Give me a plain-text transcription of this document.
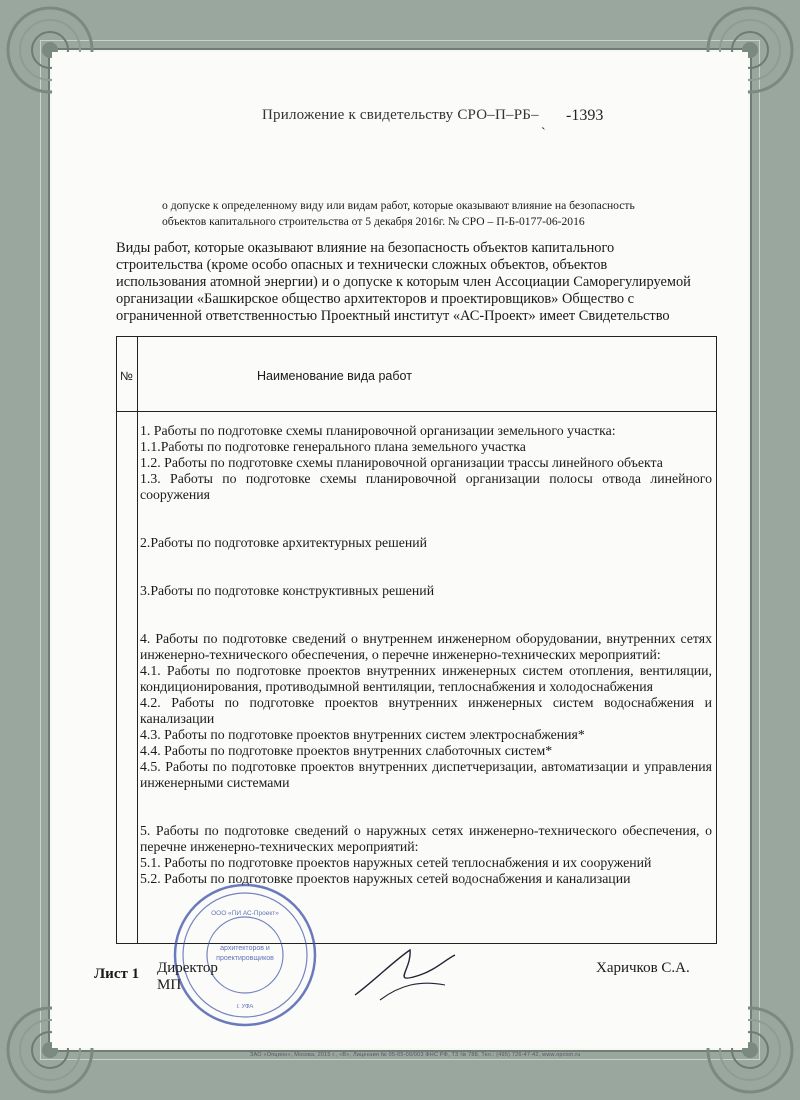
Приложение к свидетельству СРО–П–РБ– -1393
`
о допуске к определенному виду или видам работ, которые оказывают влияние на безопасность
объектов капитального строительства от 5 декабря 2016г. № СРО – П-Б-0177-06-2016
Виды работ, которые оказывают влияние на безопасность объектов капитального
строительства (кроме особо опасных и технически сложных объектов, объектов
использования атомной энергии) и о допуске к которым член Ассоциации Саморегулируемой
организации «Башкирское общество архитекторов и проектировщиков» Общество с
ограниченной ответственностью Проектный институт «АС-Проект» имеет Свидетельство
№	Наименование вида работ

1. Работы по подготовке схемы планировочной организации земельного участка:

1.1.Работы по подготовке генерального плана земельного участка

1.2. Работы по подготовке схемы планировочной организации трассы линейного объекта

1.3. Работы по подготовке схемы планировочной организации полосы отвода линейного сооружения

2.Работы по подготовке архитектурных решений

3.Работы по подготовке конструктивных решений

4. Работы по подготовке сведений о внутреннем инженерном оборудовании, внутренних сетях инженерно-технического обеспечения, о перечне инженерно-технических мероприятий:

4.1. Работы по подготовке проектов внутренних инженерных систем отопления, вентиляции, кондиционирования, противодымной вентиляции, теплоснабжения и холодоснабжения

4.2. Работы по подготовке проектов внутренних инженерных систем водоснабжения и канализации

4.3. Работы по подготовке проектов внутренних систем электроснабжения*

4.4. Работы по подготовке проектов внутренних слаботочных систем*

4.5. Работы по подготовке проектов внутренних диспетчеризации, автоматизации и управления инженерными системами

5. Работы по подготовке сведений о наружных сетях инженерно-технического обеспечения, о перечне инженерно-технических мероприятий:

5.1. Работы по подготовке проектов наружных сетей теплоснабжения и их сооружений

5.2. Работы по подготовке проектов наружных сетей водоснабжения и канализации

ООО «ПИ АС-Проект»
г. УФА
архитекторов и
проектировщиков
Лист 1 Директор
МП
Харичков С.А.
ЗАО «Опцион», Москва, 2015 г., «В», Лицензия № 05-05-09/003 ФНС РФ, ТЗ № 788, Тел.: (495) 726-47-42, www.opcion.ru
